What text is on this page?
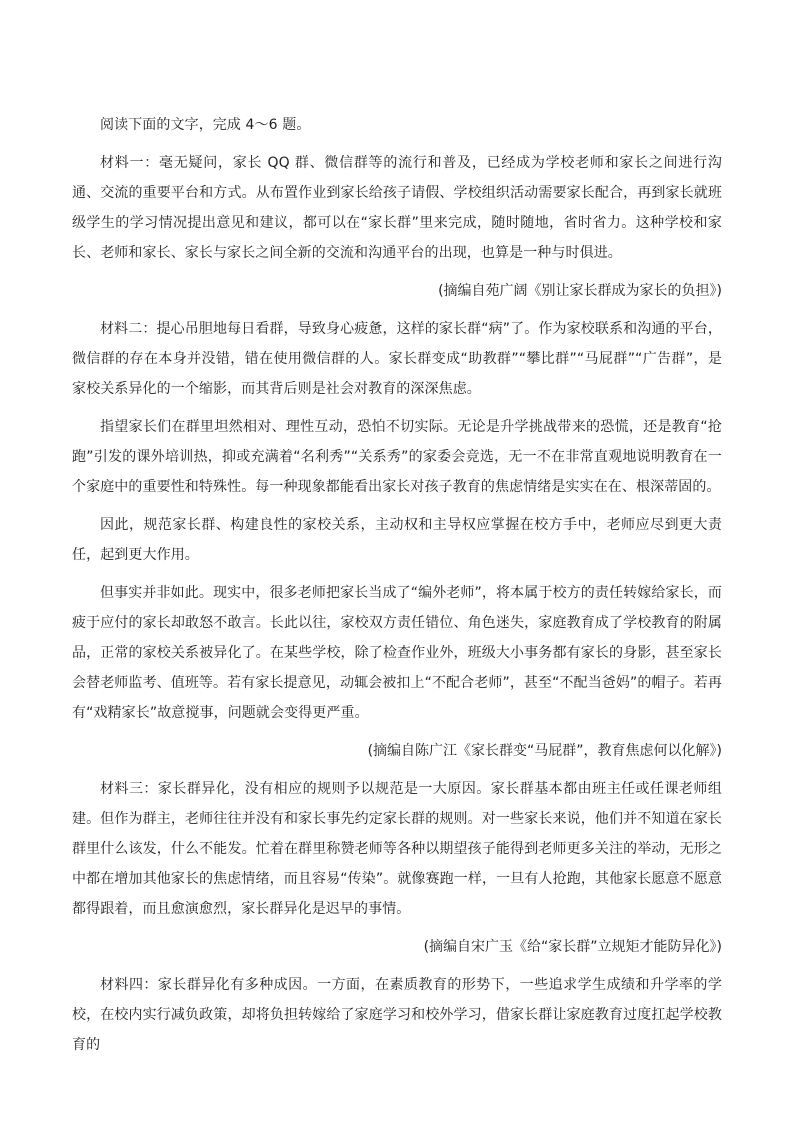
阅读下面的文字，完成 4～6 题。

材料一：毫无疑问，家长 QQ 群、微信群等的流行和普及，已经成为学校老师和家长之间进行沟通、交流的重要平台和方式。从布置作业到家长给孩子请假、学校组织活动需要家长配合，再到家长就班级学生的学习情况提出意见和建议，都可以在“家长群”里来完成，随时随地，省时省力。这种学校和家长、老师和家长、家长与家长之间全新的交流和沟通平台的出现，也算是一种与时俱进。

(摘编自苑广阔《别让家长群成为家长的负担》)

材料二：提心吊胆地每日看群，导致身心疲惫，这样的家长群“病”了。作为家校联系和沟通的平台，微信群的存在本身并没错，错在使用微信群的人。家长群变成“助教群”“攀比群”“马屁群”“广告群”，是家校关系异化的一个缩影，而其背后则是社会对教育的深深焦虑。

指望家长们在群里坦然相对、理性互动，恐怕不切实际。无论是升学挑战带来的恐慌，还是教育“抢跑”引发的课外培训热，抑或充满着“名利秀”“关系秀”的家委会竞选，无一不在非常直观地说明教育在一个家庭中的重要性和特殊性。每一种现象都能看出家长对孩子教育的焦虑情绪是实实在在、根深蒂固的。

因此，规范家长群、构建良性的家校关系，主动权和主导权应掌握在校方手中，老师应尽到更大责任，起到更大作用。

但事实并非如此。现实中，很多老师把家长当成了“编外老师”，将本属于校方的责任转嫁给家长，而疲于应付的家长却敢怒不敢言。长此以往，家校双方责任错位、角色迷失，家庭教育成了学校教育的附属品，正常的家校关系被异化了。在某些学校，除了检查作业外，班级大小事务都有家长的身影，甚至家长会替老师监考、值班等。若有家长提意见，动辄会被扣上“不配合老师”，甚至“不配当爸妈”的帽子。若再有“戏精家长”故意搅事，问题就会变得更严重。

(摘编自陈广江《家长群变“马屁群”，教育焦虑何以化解》)

材料三：家长群异化，没有相应的规则予以规范是一大原因。家长群基本都由班主任或任课老师组建。但作为群主，老师往往并没有和家长事先约定家长群的规则。对一些家长来说，他们并不知道在家长群里什么该发，什么不能发。忙着在群里称赞老师等各种以期望孩子能得到老师更多关注的举动，无形之中都在增加其他家长的焦虑情绪，而且容易“传染”。就像赛跑一样，一旦有人抢跑，其他家长愿意不愿意都得跟着，而且愈演愈烈，家长群异化是迟早的事情。

(摘编自宋广玉《给“家长群”立规矩才能防异化》)

材料四：家长群异化有多种成因。一方面，在素质教育的形势下，一些追求学生成绩和升学率的学校，在校内实行减负政策，却将负担转嫁给了家庭学习和校外学习，借家长群让家庭教育过度扛起学校教育的
